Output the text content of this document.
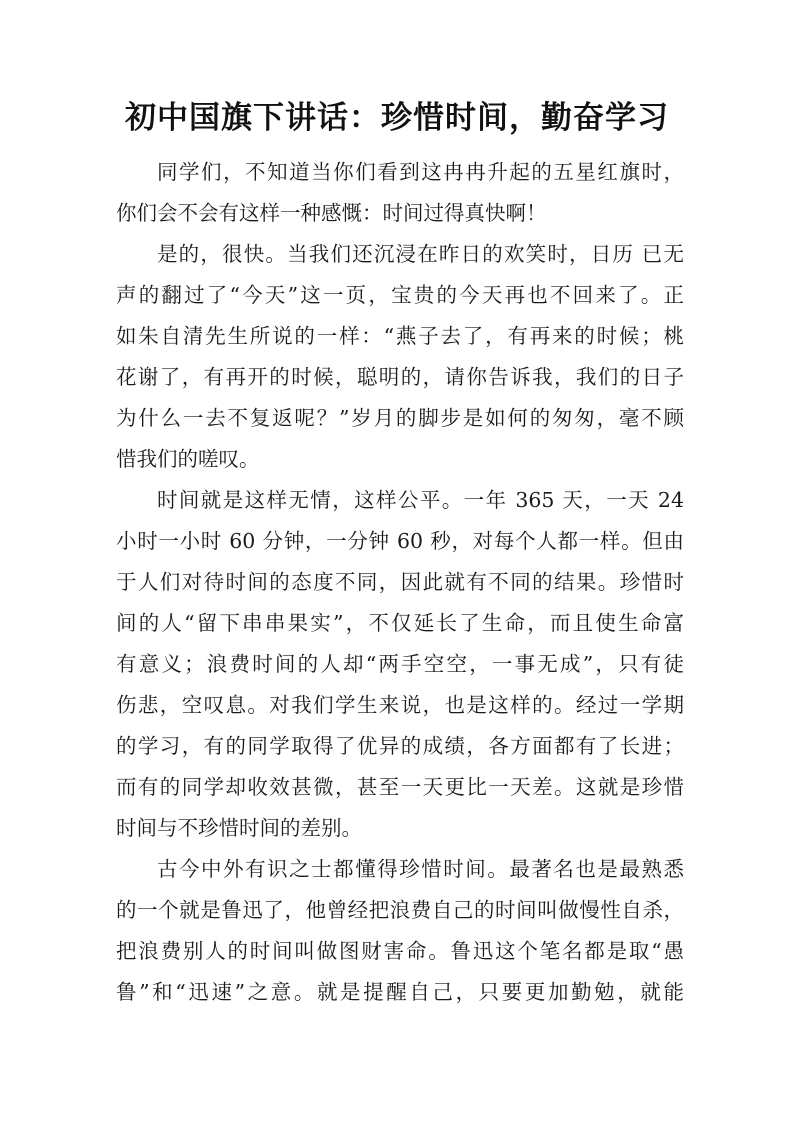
初中国旗下讲话：珍惜时间，勤奋学习

同学们，不知道当你们看到这冉冉升起的五星红旗时，
你们会不会有这样一种感慨：时间过得真快啊！

是的，很快。当我们还沉浸在昨日的欢笑时，日历 已无
声的翻过了“今天”这一页，宝贵的今天再也不回来了。正
如朱自清先生所说的一样：“燕子去了，有再来的时候；桃
花谢了，有再开的时候，聪明的，请你告诉我，我们的日子
为什么一去不复返呢？”岁月的脚步是如何的匆匆，毫不顾
惜我们的嗟叹。

时间就是这样无情，这样公平。一年 365 天，一天 24
小时一小时 60 分钟，一分钟 60 秒，对每个人都一样。但由
于人们对待时间的态度不同，因此就有不同的结果。珍惜时
间的人“留下串串果实”，不仅延长了生命，而且使生命富
有意义；浪费时间的人却“两手空空，一事无成”，只有徒
伤悲，空叹息。对我们学生来说，也是这样的。经过一学期
的学习，有的同学取得了优异的成绩，各方面都有了长进；
而有的同学却收效甚微，甚至一天更比一天差。这就是珍惜
时间与不珍惜时间的差别。

古今中外有识之士都懂得珍惜时间。最著名也是最熟悉
的一个就是鲁迅了，他曾经把浪费自己的时间叫做慢性自杀，
把浪费别人的时间叫做图财害命。鲁迅这个笔名都是取“愚
鲁”和“迅速”之意。就是提醒自己，只要更加勤勉，就能
